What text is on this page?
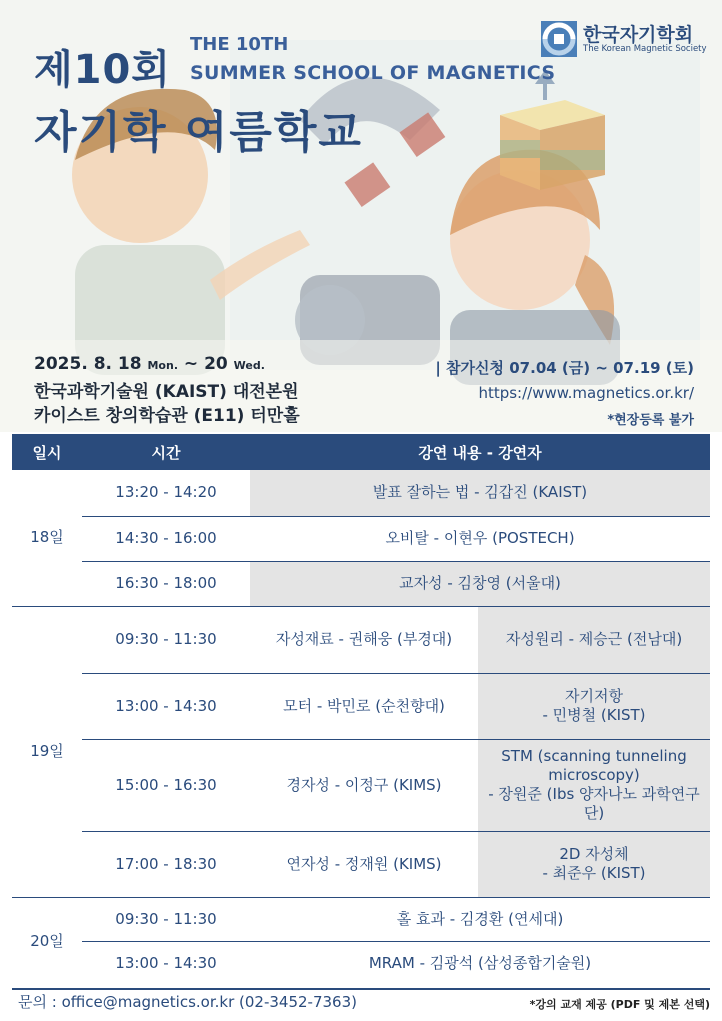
제10회
자기학 여름학교
THE 10TH
SUMMER SCHOOL OF MAGNETICS
한국자기학회
The Korean Magnetic Society
2025. 8. 18 Mon. ~ 20 Wed.
한국과학기술원 (KAIST) 대전본원
카이스트 창의학습관 (E11) 터만홀
| 참가신청 07.04 (금) ~ 07.19 (토)
https://www.magnetics.or.kr/
*현장등록 불가
일시	시간	강연 내용 - 강연자	
18일	13:20 - 14:20	발표 잘하는 법 - 김갑진 (KAIST)	
	14:30 - 16:00	오비탈 - 이현우 (POSTECH)	
	16:30 - 18:00	교자성 - 김창영 (서울대)	
19일	09:30 - 11:30	자성재료 - 권해웅 (부경대)	자성원리 - 제승근 (전남대)
	13:00 - 14:30	모터 - 박민로 (순천향대)	자기저항
- 민병철 (KIST)
	15:00 - 16:30	경자성 - 이정구 (KIMS)	STM (scanning tunneling microscopy)
- 장원준 (Ibs 양자나노 과학연구단)
	17:00 - 18:30	연자성 - 정재원 (KIMS)	2D 자성체
- 최준우 (KIST)
20일	09:30 - 11:30	홀 효과 - 김경환 (연세대)	
	13:00 - 14:30	MRAM - 김광석 (삼성종합기술원)	
문의 : office@magnetics.or.kr (02-3452-7363)	*강의 교재 제공 (PDF 및 제본 선택)
